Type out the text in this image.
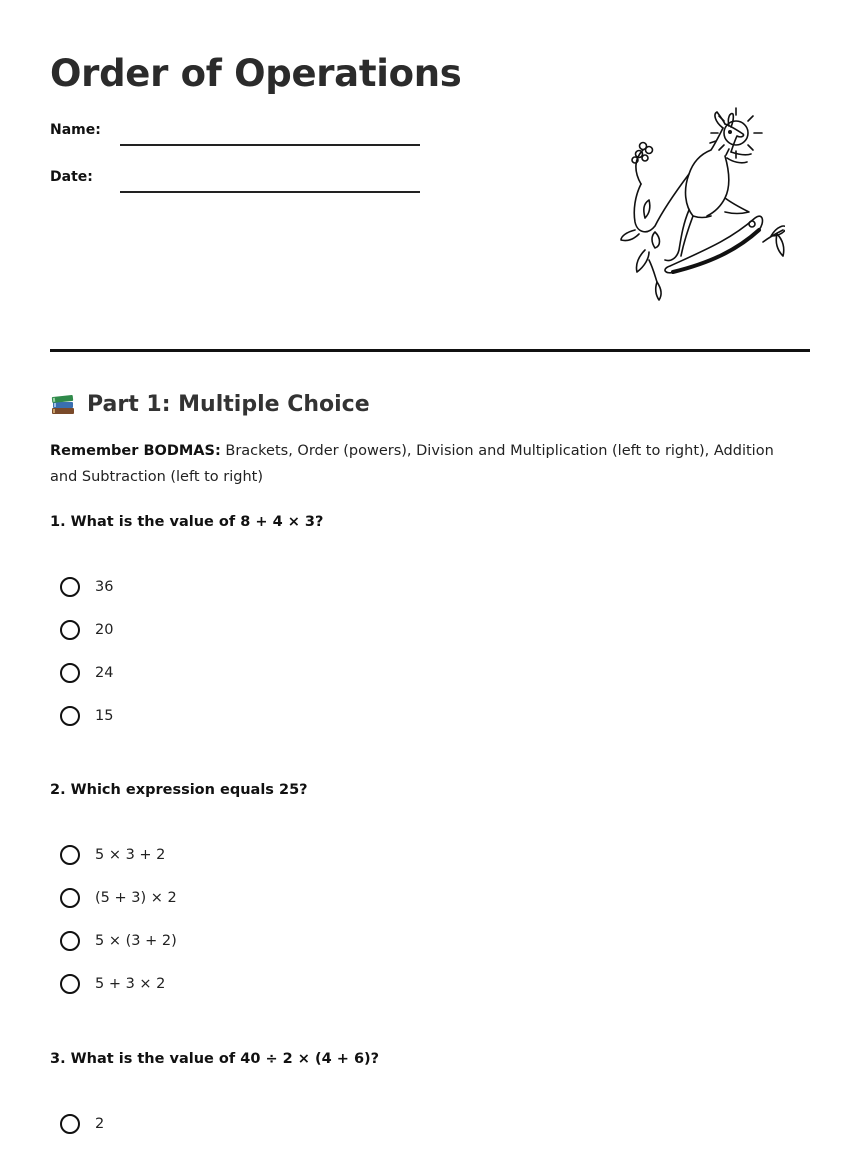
Order of Operations
Name:
Date:
Part 1: Multiple Choice

Remember BODMAS: Brackets, Order (powers), Division and Multiplication (left to right), Addition and Subtraction (left to right)

1. What is the value of 8 + 4 × 3?

36
20
24
15

2. Which expression equals 25?

5 × 3 + 2
(5 + 3) × 2
5 × (3 + 2)
5 + 3 × 2

3. What is the value of 40 ÷ 2 × (4 + 6)?

2
